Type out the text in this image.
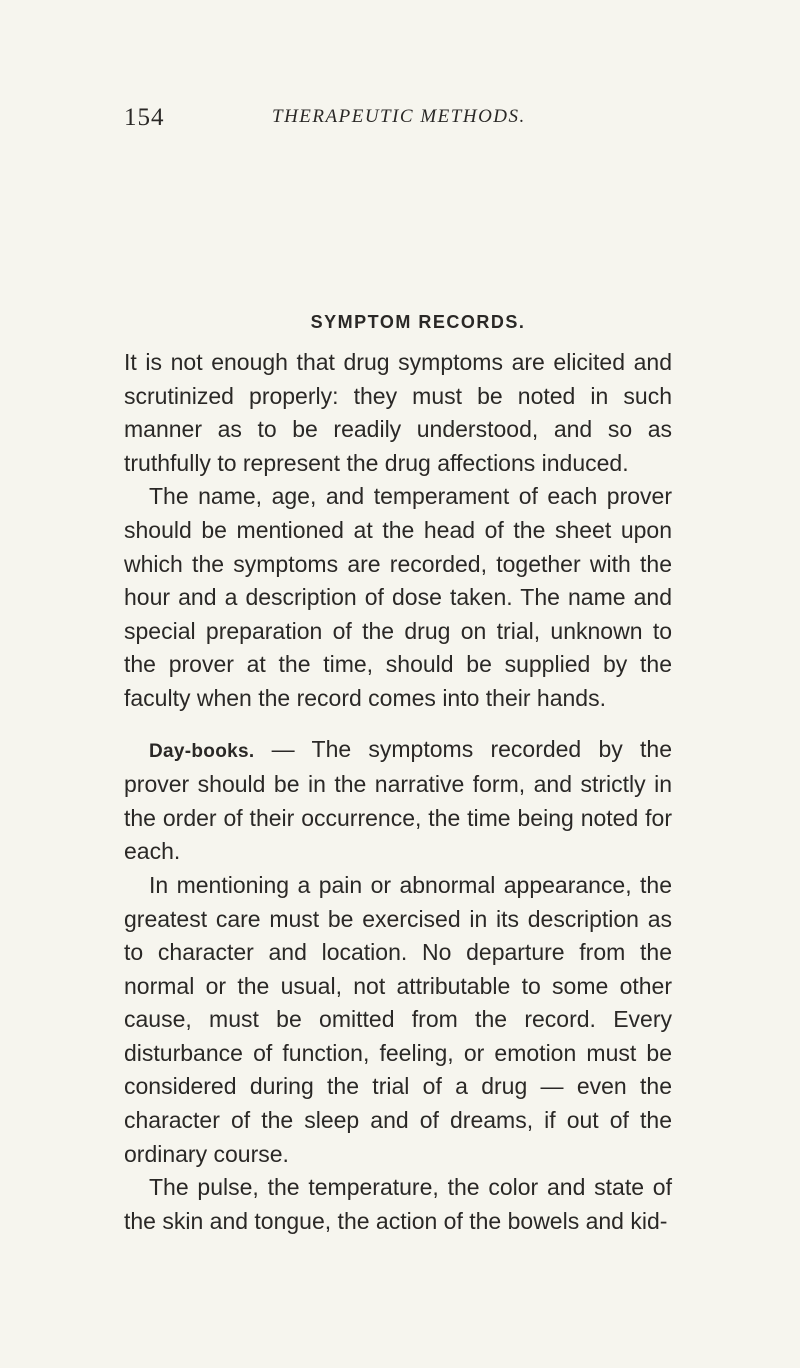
154	THERAPEUTIC METHODS.
SYMPTOM RECORDS.

It is not enough that drug symptoms are elicited and scrutinized properly: they must be noted in such manner as to be readily understood, and so as truthfully to represent the drug affections induced.

The name, age, and temperament of each prover should be mentioned at the head of the sheet upon which the symptoms are recorded, together with the hour and a description of dose taken. The name and special preparation of the drug on trial, unknown to the prover at the time, should be supplied by the faculty when the record comes into their hands.

Day-books. — The symptoms recorded by the prover should be in the narrative form, and strictly in the order of their occurrence, the time being noted for each.

In mentioning a pain or abnormal appearance, the greatest care must be exercised in its description as to character and location. No departure from the normal or the usual, not attributable to some other cause, must be omitted from the record. Every disturbance of function, feeling, or emotion must be considered during the trial of a drug — even the character of the sleep and of dreams, if out of the ordinary course.

The pulse, the temperature, the color and state of the skin and tongue, the action of the bowels and kid-
